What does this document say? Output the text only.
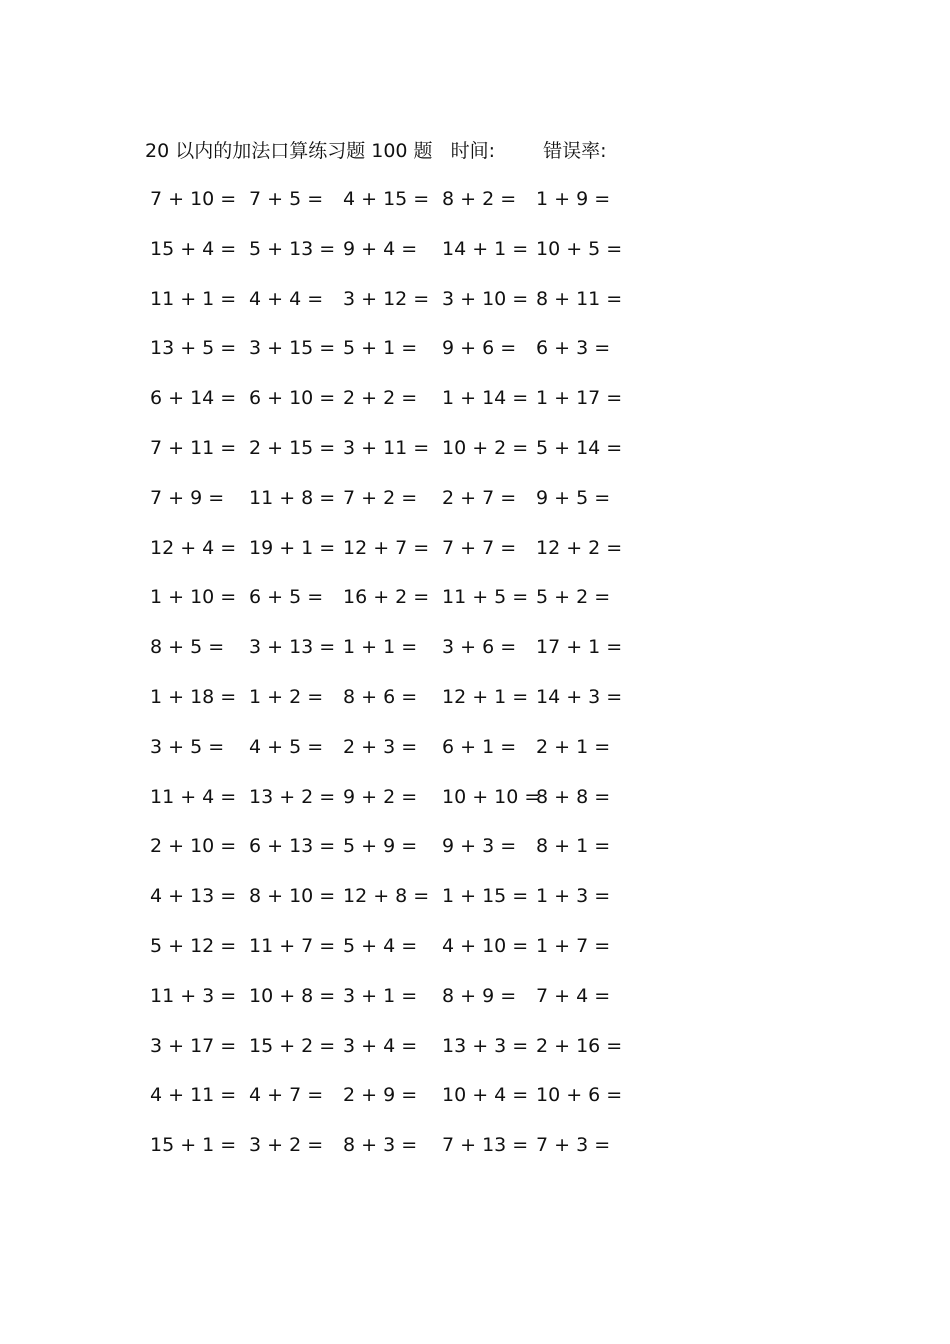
20 以内的加法口算练习题 100 题 时间:	错误率:
7 + 10 = 7 + 5 = 4 + 15 = 8 + 2 = 1 + 9 =
15 + 4 = 5 + 13 = 9 + 4 = 14 + 1 = 10 + 5 =
11 + 1 = 4 + 4 = 3 + 12 = 3 + 10 = 8 + 11 =
13 + 5 = 3 + 15 = 5 + 1 = 9 + 6 = 6 + 3 =
6 + 14 = 6 + 10 = 2 + 2 = 1 + 14 = 1 + 17 =
7 + 11 = 2 + 15 = 3 + 11 = 10 + 2 = 5 + 14 =
7 + 9 = 11 + 8 = 7 + 2 = 2 + 7 = 9 + 5 =
12 + 4 = 19 + 1 = 12 + 7 = 7 + 7 = 12 + 2 =
1 + 10 = 6 + 5 = 16 + 2 = 11 + 5 = 5 + 2 =
8 + 5 = 3 + 13 = 1 + 1 = 3 + 6 = 17 + 1 =
1 + 18 = 1 + 2 = 8 + 6 = 12 + 1 = 14 + 3 =
3 + 5 = 4 + 5 = 2 + 3 = 6 + 1 = 2 + 1 =
11 + 4 = 13 + 2 = 9 + 2 = 10 + 10 =
8 + 8 =
2 + 10 = 6 + 13 = 5 + 9 = 9 + 3 = 8 + 1 =
4 + 13 = 8 + 10 = 12 + 8 = 1 + 15 = 1 + 3 =
5 + 12 = 11 + 7 = 5 + 4 = 4 + 10 = 1 + 7 =
11 + 3 = 10 + 8 = 3 + 1 = 8 + 9 = 7 + 4 =
3 + 17 = 15 + 2 = 3 + 4 = 13 + 3 = 2 + 16 =
4 + 11 = 4 + 7 = 2 + 9 = 10 + 4 = 10 + 6 =
15 + 1 = 3 + 2 = 8 + 3 = 7 + 13 = 7 + 3 =
